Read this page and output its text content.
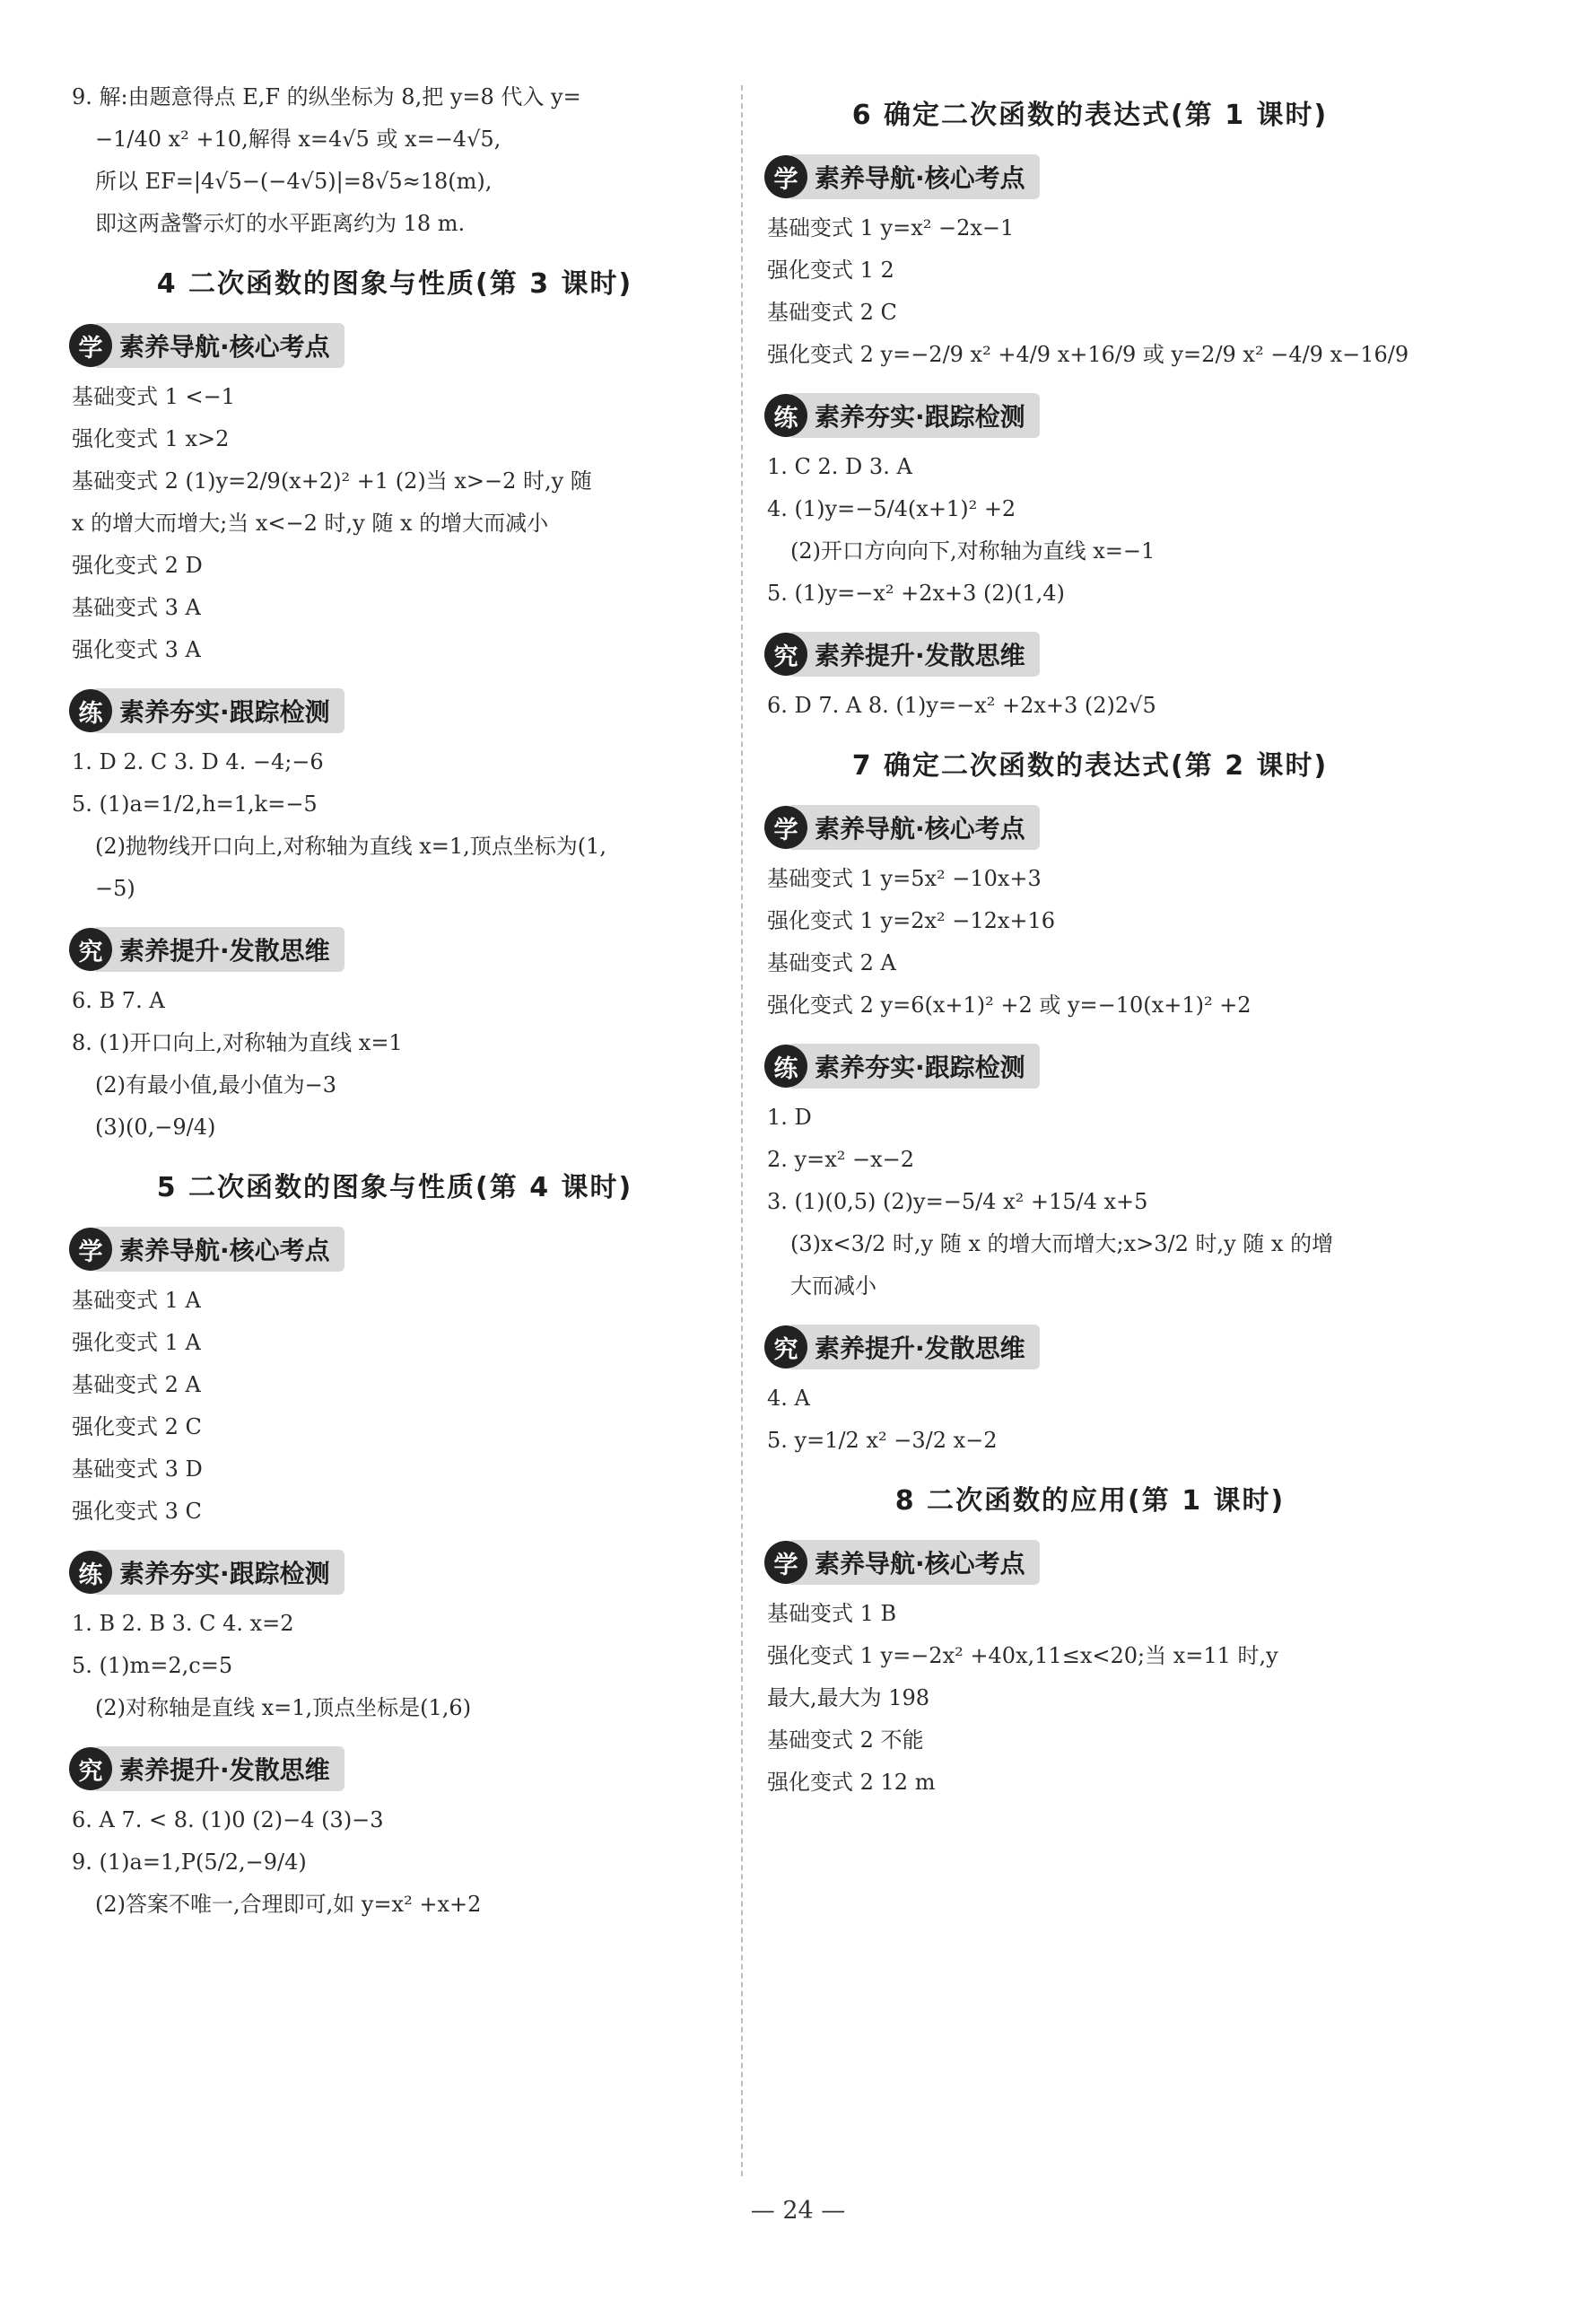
9. 解:由题意得点 E,F 的纵坐标为 8,把 y=8 代入 y=
−1/40 x² +10,解得 x=4√5 或 x=−4√5,
所以 EF=|4√5−(−4√5)|=8√5≈18(m),
即这两盏警示灯的水平距离约为 18 m.
4 二次函数的图象与性质(第 3 课时)
学 素养导航·核心考点
基础变式 1 <−1
强化变式 1 x>2
基础变式 2 (1)y=2/9(x+2)² +1 (2)当 x>−2 时,y 随
x 的增大而增大;当 x<−2 时,y 随 x 的增大而减小
强化变式 2 D
基础变式 3 A
强化变式 3 A
练 素养夯实·跟踪检测
1. D 2. C 3. D 4. −4;−6
5. (1)a=1/2,h=1,k=−5
(2)抛物线开口向上,对称轴为直线 x=1,顶点坐标为(1,
−5)
究 素养提升·发散思维
6. B 7. A
8. (1)开口向上,对称轴为直线 x=1
(2)有最小值,最小值为−3
(3)(0,−9/4)
5 二次函数的图象与性质(第 4 课时)
学 素养导航·核心考点
基础变式 1 A
强化变式 1 A
基础变式 2 A
强化变式 2 C
基础变式 3 D
强化变式 3 C
练 素养夯实·跟踪检测
1. B 2. B 3. C 4. x=2
5. (1)m=2,c=5
(2)对称轴是直线 x=1,顶点坐标是(1,6)
究 素养提升·发散思维
6. A 7. < 8. (1)0 (2)−4 (3)−3
9. (1)a=1,P(5/2,−9/4)
(2)答案不唯一,合理即可,如 y=x² +x+2
6 确定二次函数的表达式(第 1 课时)
学 素养导航·核心考点
基础变式 1 y=x² −2x−1
强化变式 1 2
基础变式 2 C
强化变式 2 y=−2/9 x² +4/9 x+16/9 或 y=2/9 x² −4/9 x−16/9
练 素养夯实·跟踪检测
1. C 2. D 3. A
4. (1)y=−5/4(x+1)² +2
(2)开口方向向下,对称轴为直线 x=−1
5. (1)y=−x² +2x+3 (2)(1,4)
究 素养提升·发散思维
6. D 7. A 8. (1)y=−x² +2x+3 (2)2√5
7 确定二次函数的表达式(第 2 课时)
学 素养导航·核心考点
基础变式 1 y=5x² −10x+3
强化变式 1 y=2x² −12x+16
基础变式 2 A
强化变式 2 y=6(x+1)² +2 或 y=−10(x+1)² +2
练 素养夯实·跟踪检测
1. D
2. y=x² −x−2
3. (1)(0,5) (2)y=−5/4 x² +15/4 x+5
(3)x<3/2 时,y 随 x 的增大而增大;x>3/2 时,y 随 x 的增
大而减小
究 素养提升·发散思维
4. A
5. y=1/2 x² −3/2 x−2
8 二次函数的应用(第 1 课时)
学 素养导航·核心考点
基础变式 1 B
强化变式 1 y=−2x² +40x,11≤x<20;当 x=11 时,y
最大,最大为 198
基础变式 2 不能
强化变式 2 12 m
— 24 —
